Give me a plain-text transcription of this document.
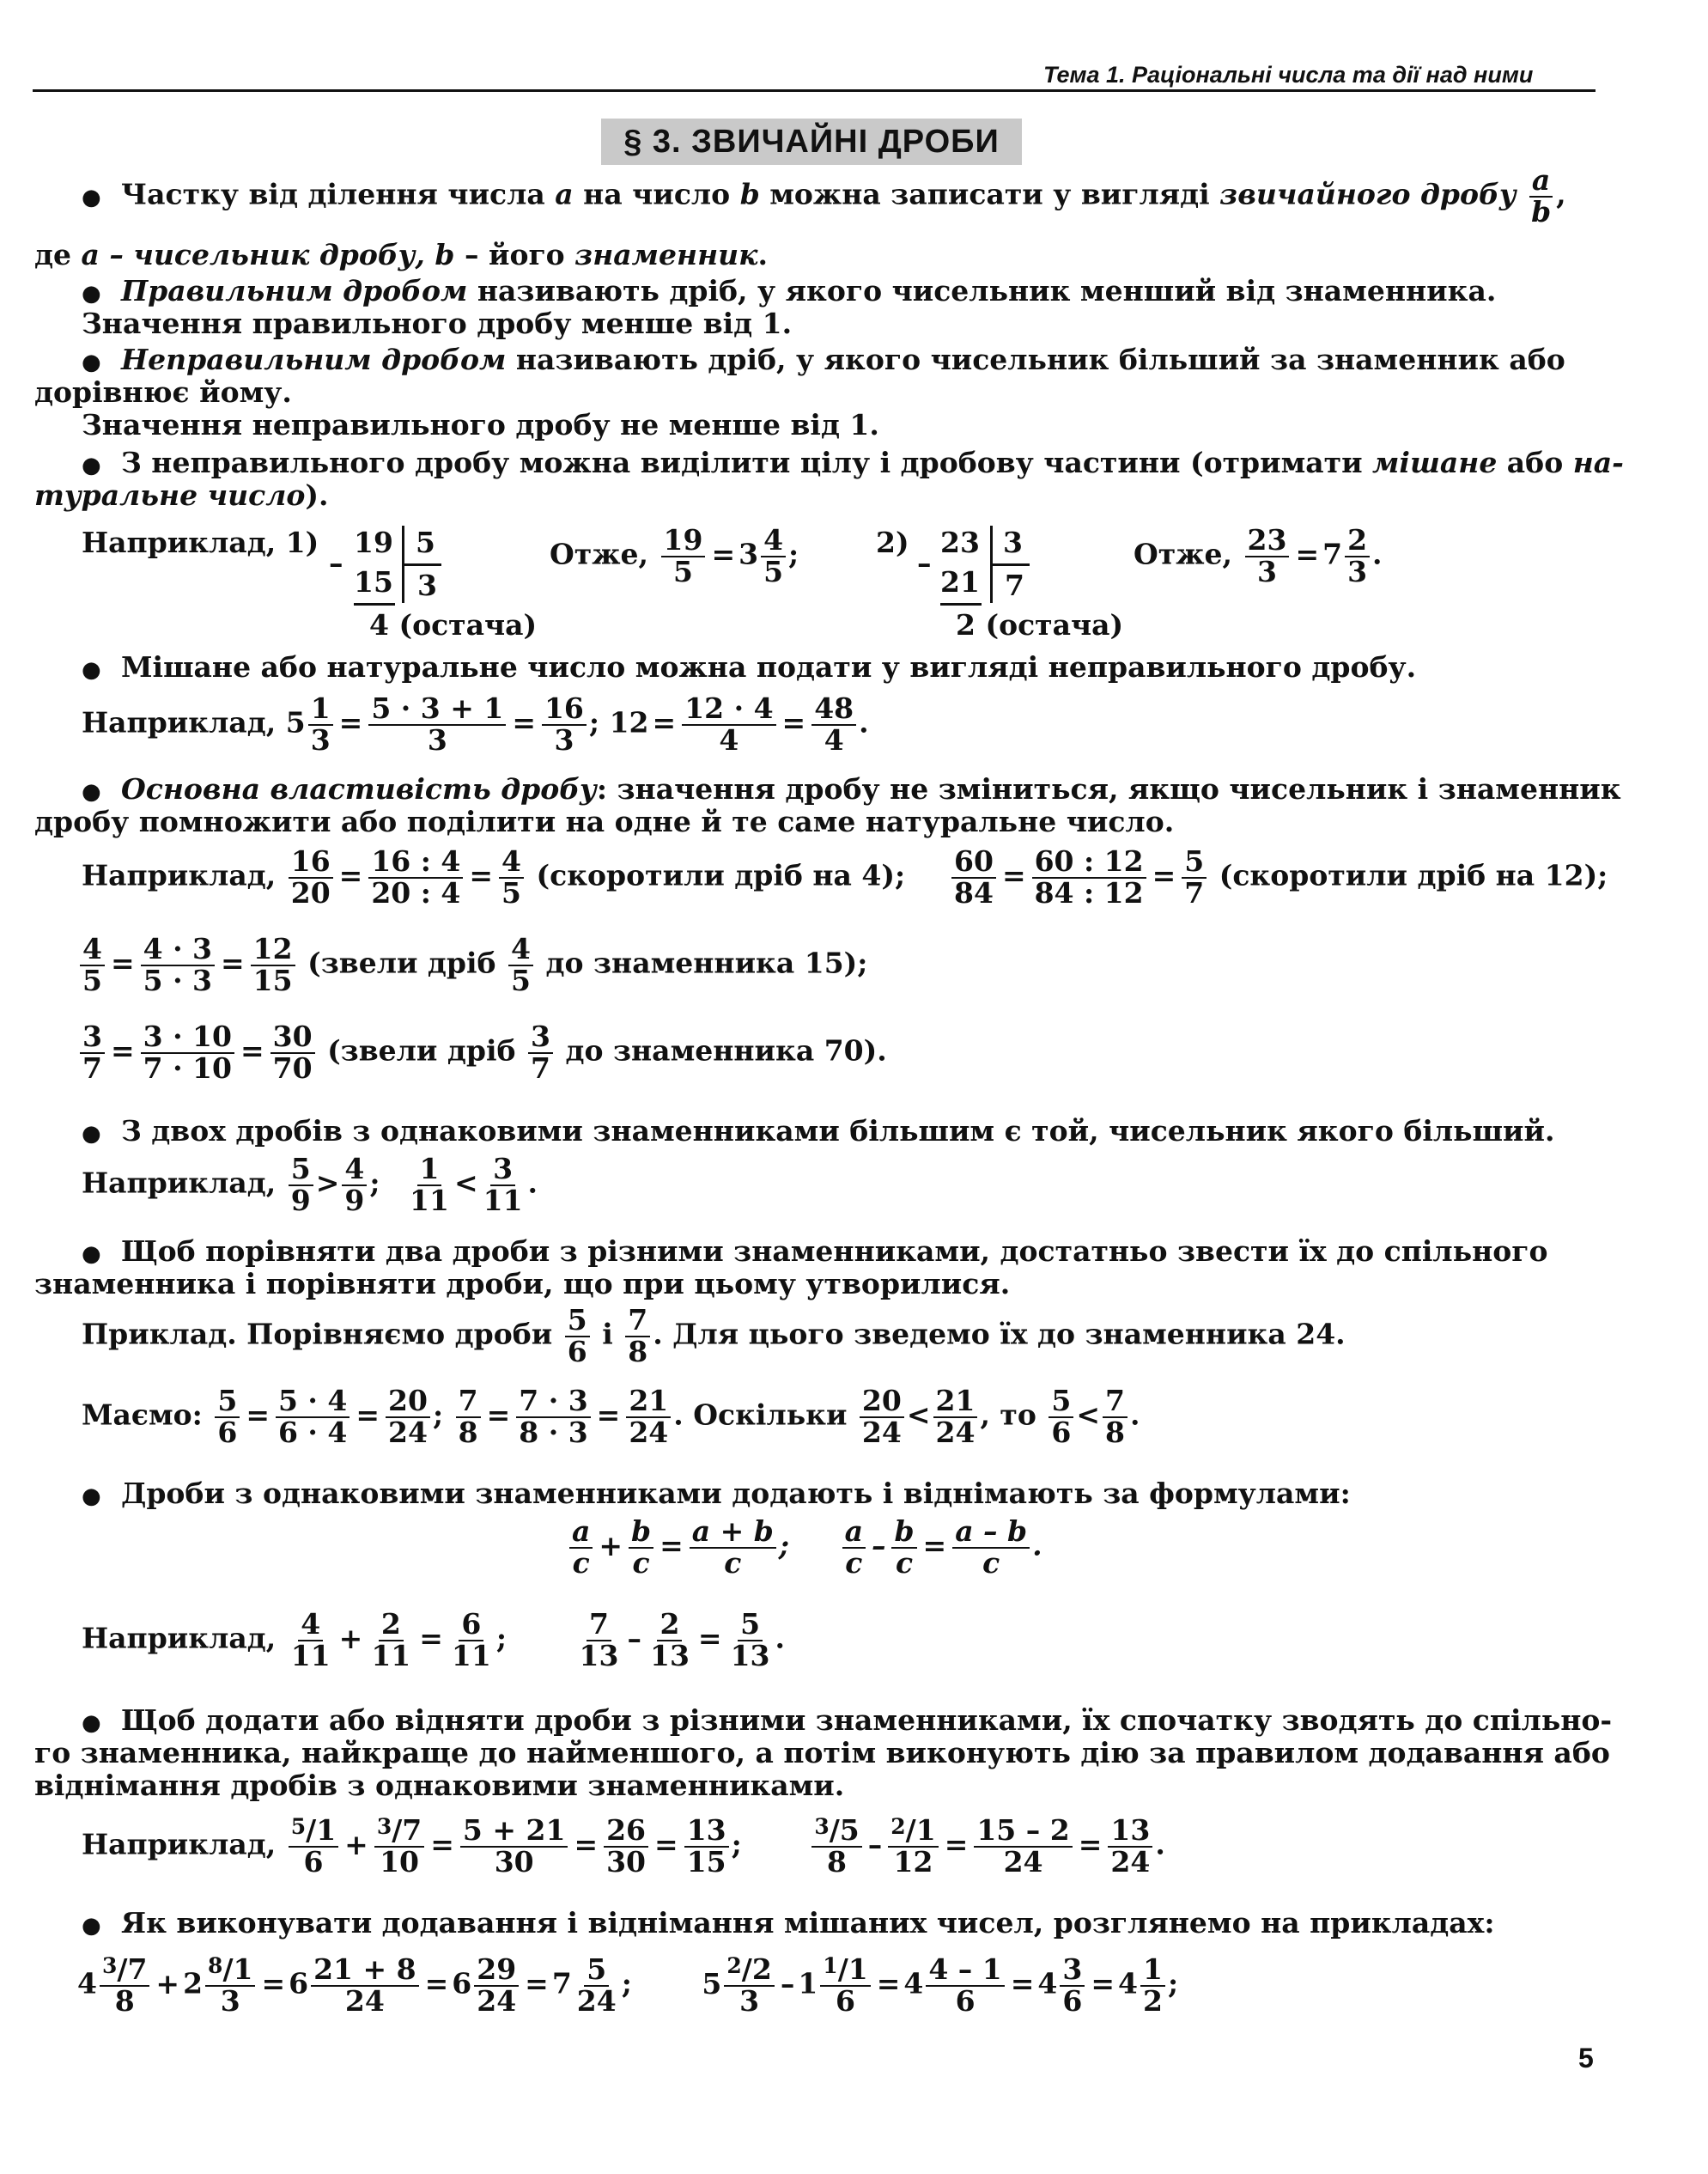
Тема 1. Раціональні числа та дії над ними
§ 3. ЗВИЧАЙНІ ДРОБИ
● Частку від ділення числа a на число b можна записати у вигляді звичайного дробу $\frac{a}{b}$ ,
де a – чисельник дробу, b – його знаменник.
● Правильним дробом називають дріб, у якого чисельник менший від знаменника.
Значення правильного дробу менше від 1.
● Неправильним дробом називають дріб, у якого чисельник більший за знаменник або
дорівнює йому.
Значення неправильного дробу не менше від 1.
● З неправильного дробу можна виділити цілу і дробову частини (отримати мішане або на-
туральне число).
Наприклад, 1) 19
–
5
15 3
4 (остача)
Отже, $\frac{19}{5} = 3 \frac{4}{5}$ ;	2) 23
–
3
21 7
2 (остача)
Отже, $\frac{23}{3} = 7 \frac{2}{3}$ .
● Мішане або натуральне число можна подати у вигляді неправильного дробу.
Наприклад, $5 \frac{1}{3} = \frac{5 \cdot 3 + 1}{3} = \frac{16}{3}$ ; $12 = \frac{12 \cdot 4}{4} = \frac{48}{4}$ .
● Основна властивість дробу: значення дробу не зміниться, якщо чисельник і знаменник
дробу помножити або поділити на одне й те саме натуральне число.
Наприклад, $\frac{16}{20} = \frac{16 : 4}{20 : 4} = \frac{4}{5}$ (скоротили дріб на 4); $\frac{60}{84} = \frac{60 : 12}{84 : 12} = \frac{5}{7}$ (скоротили дріб на 12);
$\frac{4}{5} = \frac{4 \cdot 3}{5 \cdot 3} = \frac{12}{15}$ (звели дріб $\frac{4}{5}$ до знаменника 15);
$\frac{3}{7} = \frac{3 \cdot 10}{7 \cdot 10} = \frac{30}{70}$ (звели дріб $\frac{3}{7}$ до знаменника 70).
● З двох дробів з однаковими знаменниками більшим є той, чисельник якого більший.
Наприклад, $\frac{5}{9} > \frac{4}{9}$ ; $\frac{1}{11} < \frac{3}{11}$ .
● Щоб порівняти два дроби з різними знаменниками, достатньо звести їх до спільного
знаменника і порівняти дроби, що при цьому утворилися.
Приклад. Порівняємо дроби $\frac{5}{6}$ і $\frac{7}{8}$ . Для цього зведемо їх до знаменника 24.
Маємо: $\frac{5}{6} = \frac{5 \cdot 4}{6 \cdot 4} = \frac{20}{24}$ ; $\frac{7}{8} = \frac{7 \cdot 3}{8 \cdot 3} = \frac{21}{24}$ . Оскільки $\frac{20}{24} < \frac{21}{24}$ , то $\frac{5}{6} < \frac{7}{8}$ .
● Дроби з однаковими знаменниками додають і віднімають за формулами:
$\frac{a}{c} + \frac{b}{c} = \frac{a + b}{c}$ ; $\frac{a}{c} - \frac{b}{c} = \frac{a - b}{c}$ .
Наприклад, $\frac{4}{11} + \frac{2}{11} = \frac{6}{11}$ ; $\frac{7}{13} - \frac{2}{13} = \frac{5}{13}$ .
● Щоб додати або відняти дроби з різними знаменниками, їх спочатку зводять до спільно-
го знаменника, найкраще до найменшого, а потім виконують дію за правилом додавання або
віднімання дробів з однаковими знаменниками.
Наприклад, $\frac{^5/1}{6} + \frac{^3/7}{10} = \frac{5 + 21}{30} = \frac{26}{30} = \frac{13}{15}$ ;	$\frac{^3/5}{8} - \frac{^2/1}{12} = \frac{15 - 2}{24} = \frac{13}{24}$ .
● Як виконувати додавання і віднімання мішаних чисел, розглянемо на прикладах:
$4 \frac{^3/7}{8} + 2 \frac{^8/1}{3} = 6 \frac{21 + 8}{24} = 6 \frac{29}{24} = 7 \frac{5}{24}$ ; $5 \frac{^2/2}{3} - 1 \frac{^1/1}{6} = 4 \frac{4 - 1}{6} = 4 \frac{3}{6} = 4 \frac{1}{2}$ ;
5
